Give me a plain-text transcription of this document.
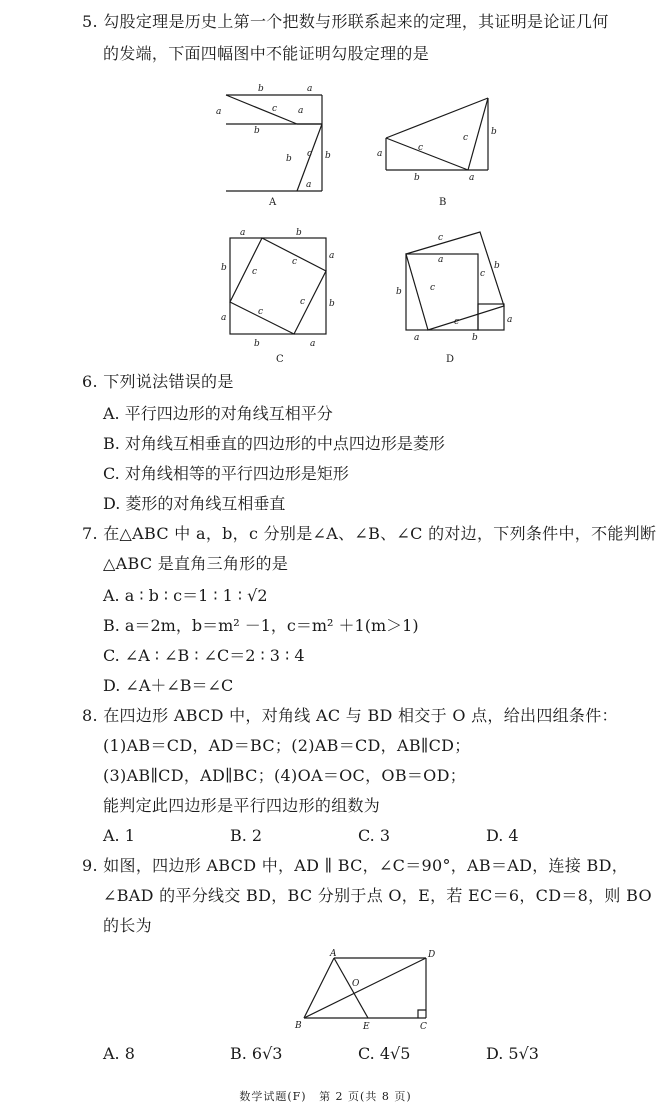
5. 勾股定理是历史上第一个把数与形联系起来的定理，其证明是论证几何
的发端，下面四幅图中不能证明勾股定理的是
b	a
a	c a
b
b
b c
a
A
a
c
c
b
b	a
B
a	b
b
a
a
b
b	a
c
c
c
c
C
c
b
b
a
c
c
c	a
a	b
D
6. 下列说法错误的是
A. 平行四边形的对角线互相平分
B. 对角线互相垂直的四边形的中点四边形是菱形
C. 对角线相等的平行四边形是矩形
D. 菱形的对角线互相垂直
7. 在△ABC 中 a，b，c 分别是∠A、∠B、∠C 的对边，下列条件中，不能判断
△ABC 是直角三角形的是
A. a ∶ b ∶ c＝1 ∶ 1 ∶ √2
B. a＝2m，b＝m² －1，c＝m² ＋1(m＞1)
C. ∠A ∶ ∠B ∶ ∠C＝2 ∶ 3 ∶ 4
D. ∠A＋∠B＝∠C
8. 在四边形 ABCD 中，对角线 AC 与 BD 相交于 O 点，给出四组条件：
(1)AB＝CD，AD＝BC；(2)AB＝CD，AB∥CD；
(3)AB∥CD，AD∥BC；(4)OA＝OC，OB＝OD；
能判定此四边形是平行四边形的组数为
A. 1	B. 2	C. 3	D. 4
9. 如图，四边形 ABCD 中，AD ∥ BC，∠C＝90°，AB＝AD，连接 BD，
∠BAD 的平分线交 BD，BC 分别于点 O，E，若 EC＝6，CD＝8，则 BO
的长为
A
B	C
D
E
O
A. 8	B. 6√3	C. 4√5	D. 5√3
数学试题(F) 第 2 页(共 8 页)
